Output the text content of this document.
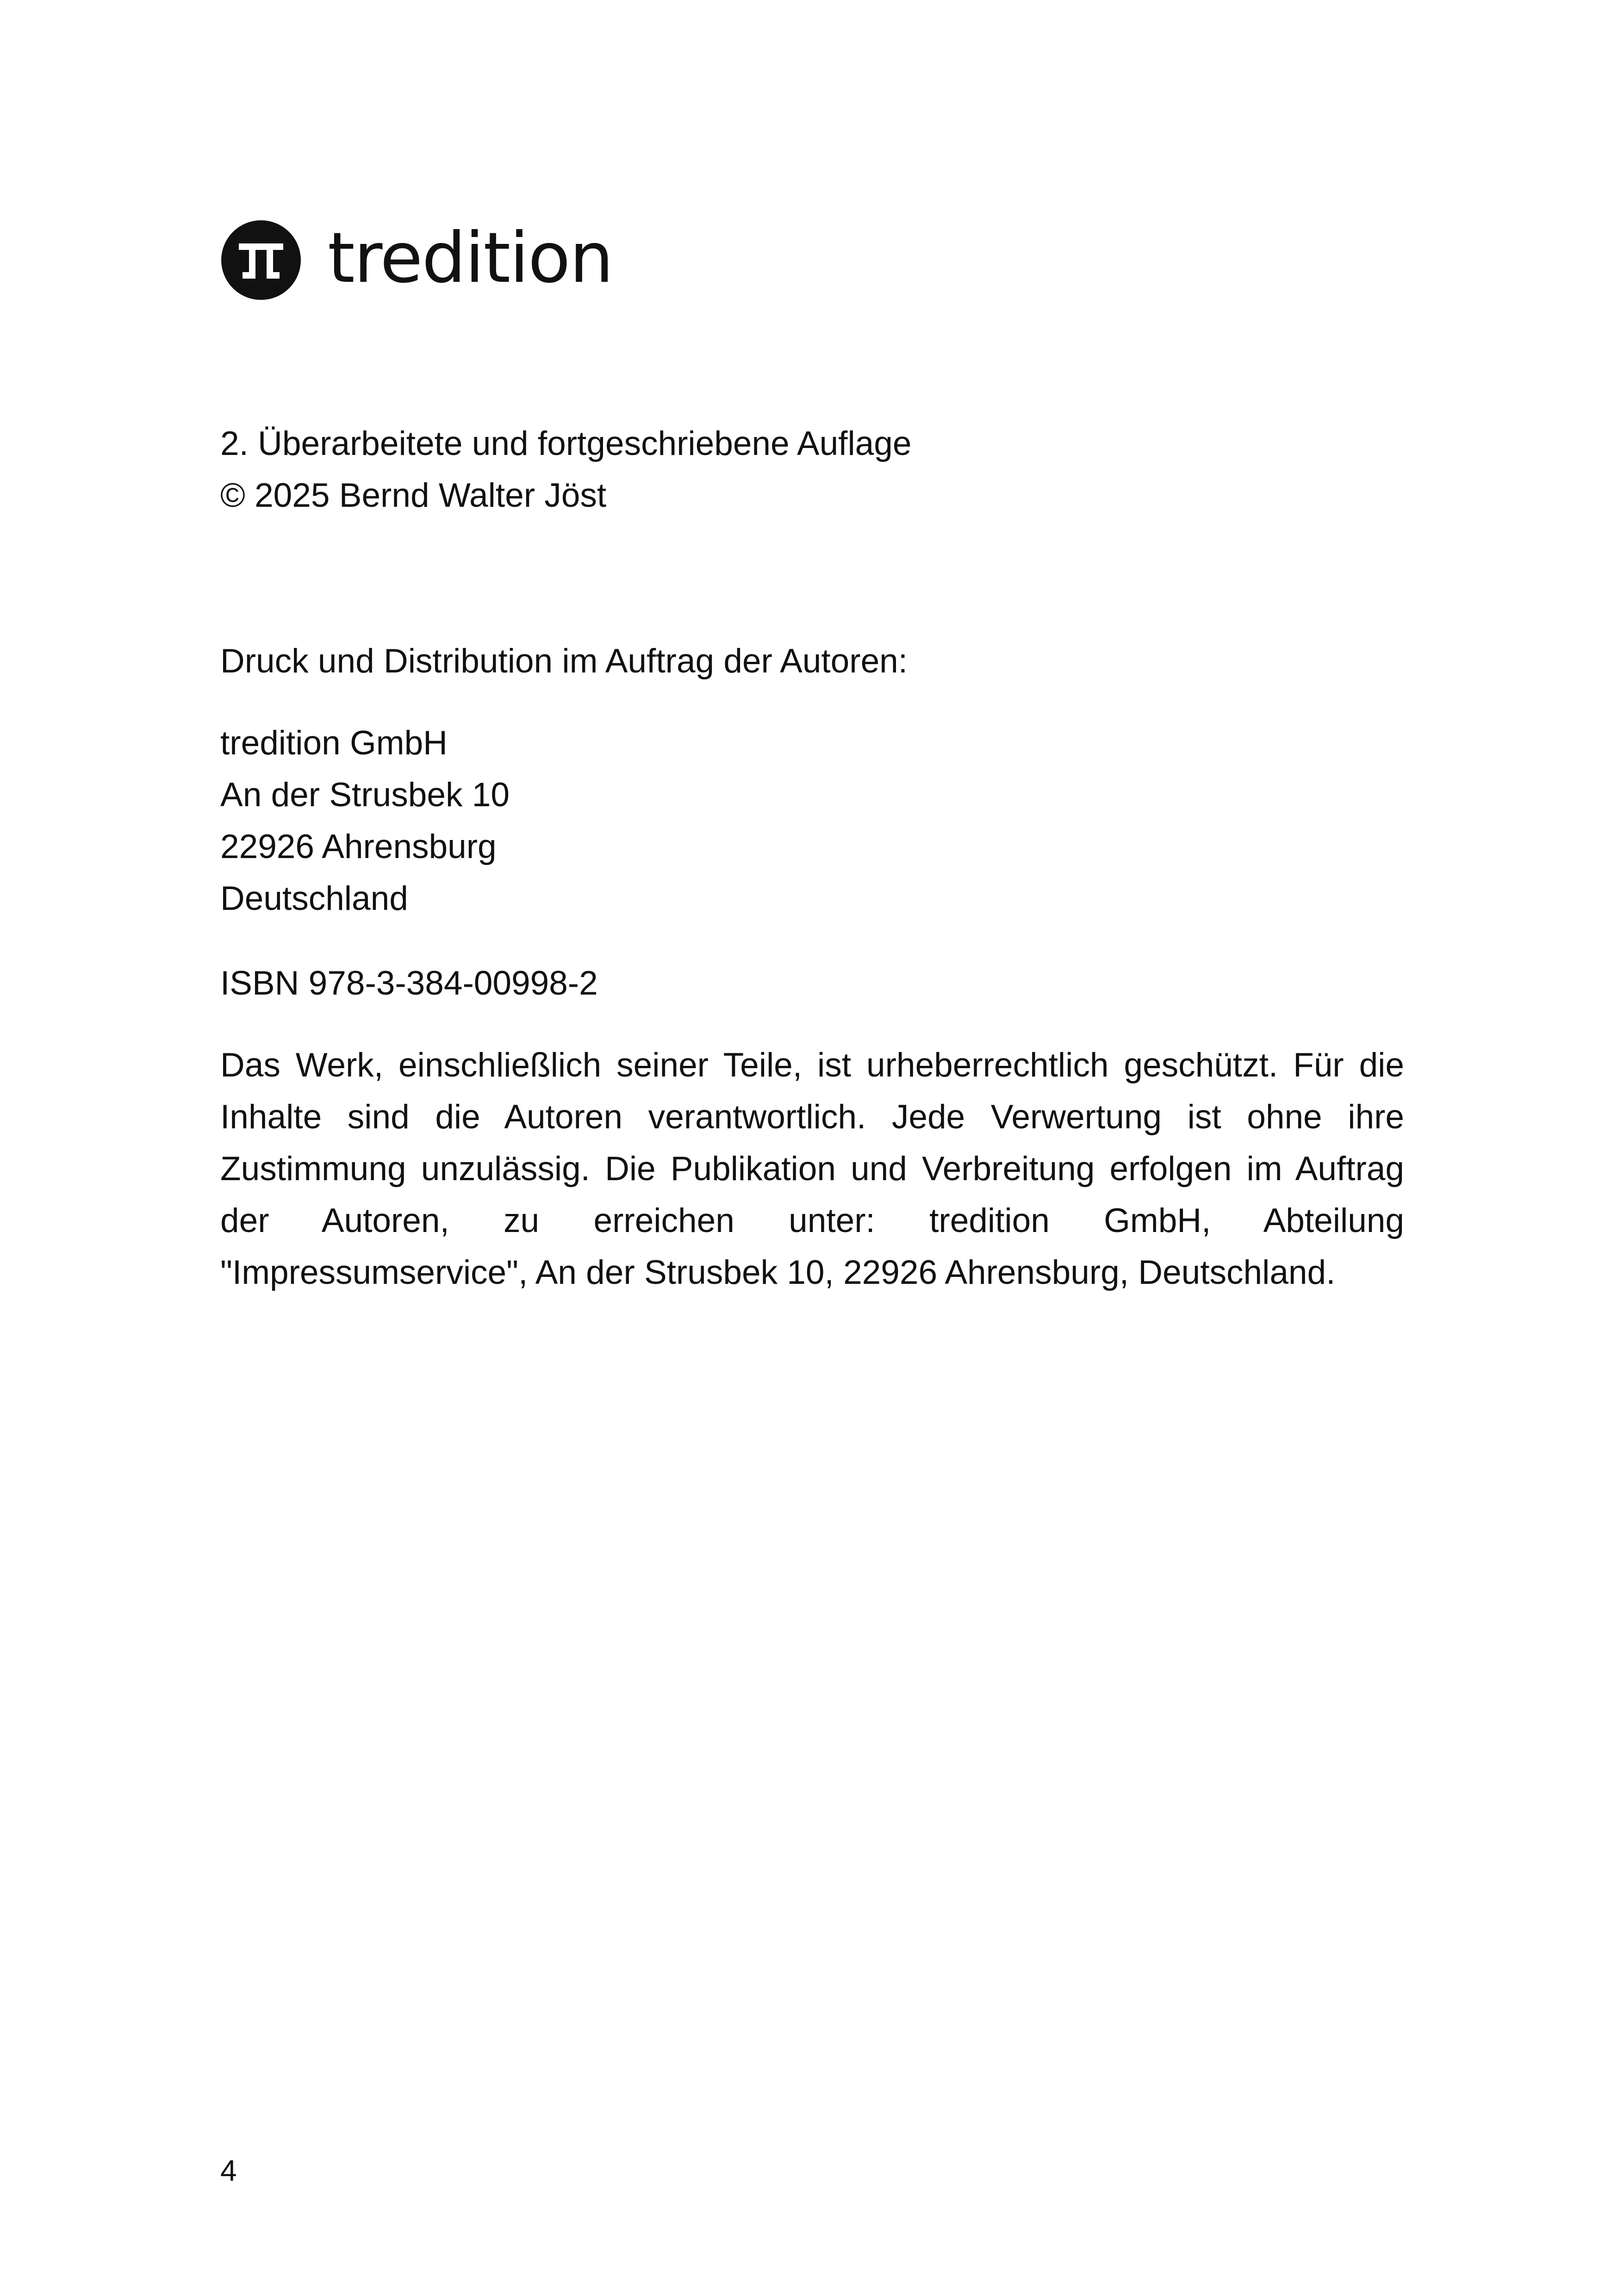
tredition
2. Überarbeitete und fortgeschriebene Auflage
© 2025 Bernd Walter Jöst
Druck und Distribution im Auftrag der Autoren:
tredition GmbH
An der Strusbek 10
22926 Ahrensburg
Deutschland
ISBN 978-3-384-00998-2
Das Werk, einschließlich seiner Teile, ist urheberrechtlich geschützt. Für die Inhalte sind die Autoren verantwortlich. Jede Verwertung ist ohne ihre Zustimmung unzulässig. Die Publikation und Verbreitung erfolgen im Auftrag der Autoren, zu erreichen unter: tredition GmbH, Abteilung "Impressumservice", An der Strusbek 10, 22926 Ahrensburg, Deutschland.
4
